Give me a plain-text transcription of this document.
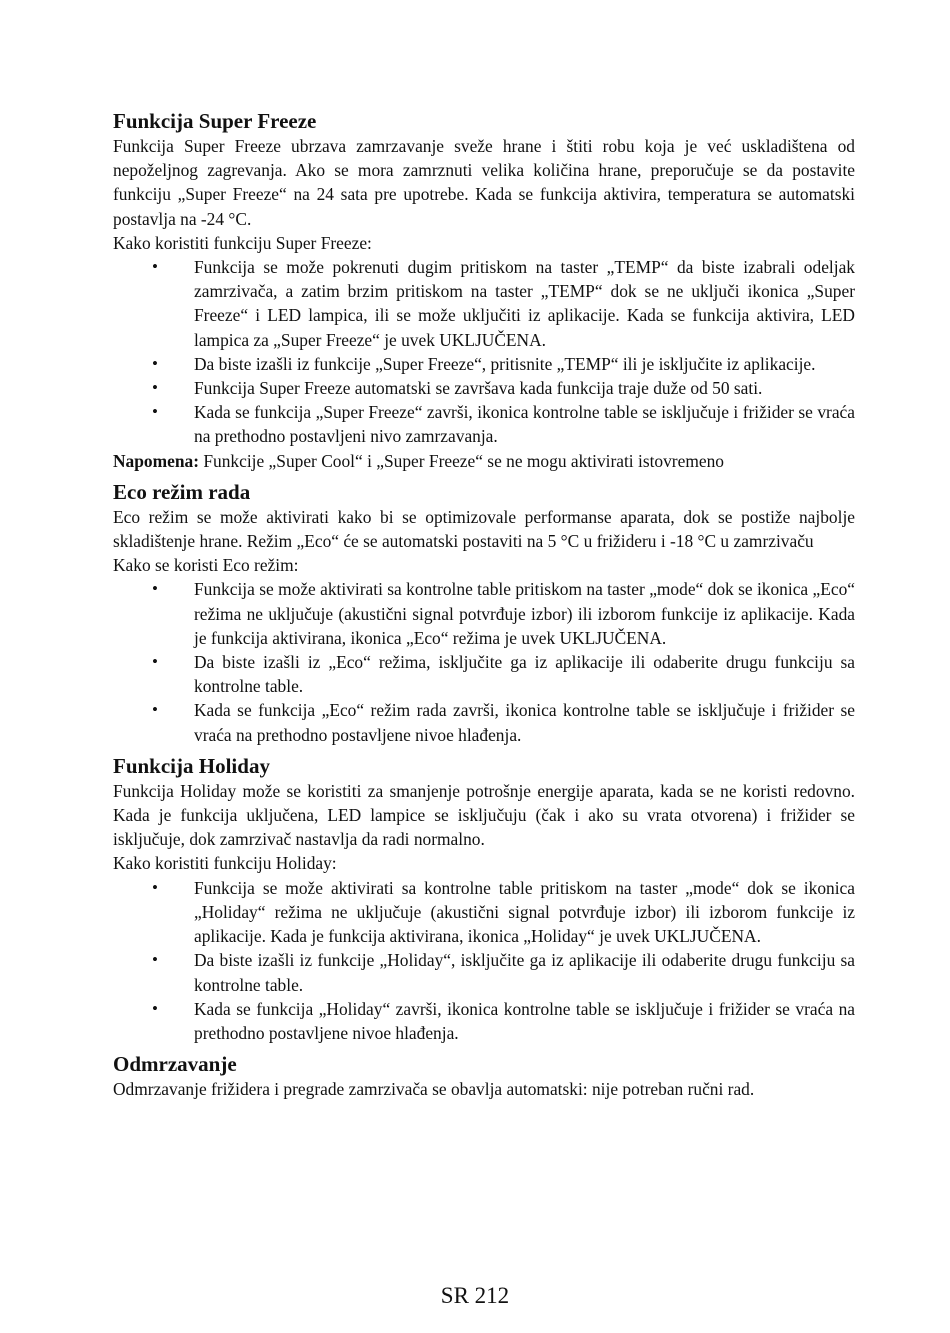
Funkcija Super Freeze

Funkcija Super Freeze ubrzava zamrzavanje sveže hrane i štiti robu koja je već uskladištena od nepoželjnog zagrevanja. Ako se mora zamrznuti velika količina hrane, preporučuje se da postavite funkciju „Super Freeze“ na 24 sata pre upotrebe. Kada se funkcija aktivira, temperatura se automatski postavlja na -24 °C.

Kako koristiti funkciju Super Freeze:

• Funkcija se može pokrenuti dugim pritiskom na taster „TEMP“ da biste izabrali odeljak zamrzivača, a zatim brzim pritiskom na taster „TEMP“ dok se ne uključi ikonica „Super Freeze“ i LED lampica, ili se može uključiti iz aplikacije. Kada se funkcija aktivira, LED lampica za „Super Freeze“ je uvek UKLJUČENA.
• Da biste izašli iz funkcije „Super Freeze“, pritisnite „TEMP“ ili je isključite iz aplikacije.
• Funkcija Super Freeze automatski se završava kada funkcija traje duže od 50 sati.
• Kada se funkcija „Super Freeze“ završi, ikonica kontrolne table se isključuje i frižider se vraća na prethodno postavljeni nivo zamrzavanja.

Napomena: Funkcije „Super Cool“ i „Super Freeze“ se ne mogu aktivirati istovremeno

Eco režim rada

Eco režim se može aktivirati kako bi se optimizovale performanse aparata, dok se postiže najbolje skladištenje hrane. Režim „Eco“ će se automatski postaviti na 5 °C u frižideru i -18 °C u zamrzivaču

Kako se koristi Eco režim:

• Funkcija se može aktivirati sa kontrolne table pritiskom na taster „mode“ dok se ikonica „Eco“ režima ne uključuje (akustični signal potvrđuje izbor) ili izborom funkcije iz aplikacije. Kada je funkcija aktivirana, ikonica „Eco“ režima je uvek UKLJUČENA.
• Da biste izašli iz „Eco“ režima, isključite ga iz aplikacije ili odaberite drugu funkciju sa kontrolne table.
• Kada se funkcija „Eco“ režim rada završi, ikonica kontrolne table se isključuje i frižider se vraća na prethodno postavljene nivoe hlađenja.
Funkcija Holiday

Funkcija Holiday može se koristiti za smanjenje potrošnje energije aparata, kada se ne koristi redovno. Kada je funkcija uključena, LED lampice se isključuju (čak i ako su vrata otvorena) i frižider se isključuje, dok zamrzivač nastavlja da radi normalno.

Kako koristiti funkciju Holiday:

• Funkcija se može aktivirati sa kontrolne table pritiskom na taster „mode“ dok se ikonica „Holiday“ režima ne uključuje (akustični signal potvrđuje izbor) ili izborom funkcije iz aplikacije. Kada je funkcija aktivirana, ikonica „Holiday“ je uvek UKLJUČENA.
• Da biste izašli iz funkcije „Holiday“, isključite ga iz aplikacije ili odaberite drugu funkciju sa kontrolne table.
• Kada se funkcija „Holiday“ završi, ikonica kontrolne table se isključuje i frižider se vraća na prethodno postavljene nivoe hlađenja.
Odmrzavanje

Odmrzavanje frižidera i pregrade zamrzivača se obavlja automatski: nije potreban ručni rad.

SR 212
